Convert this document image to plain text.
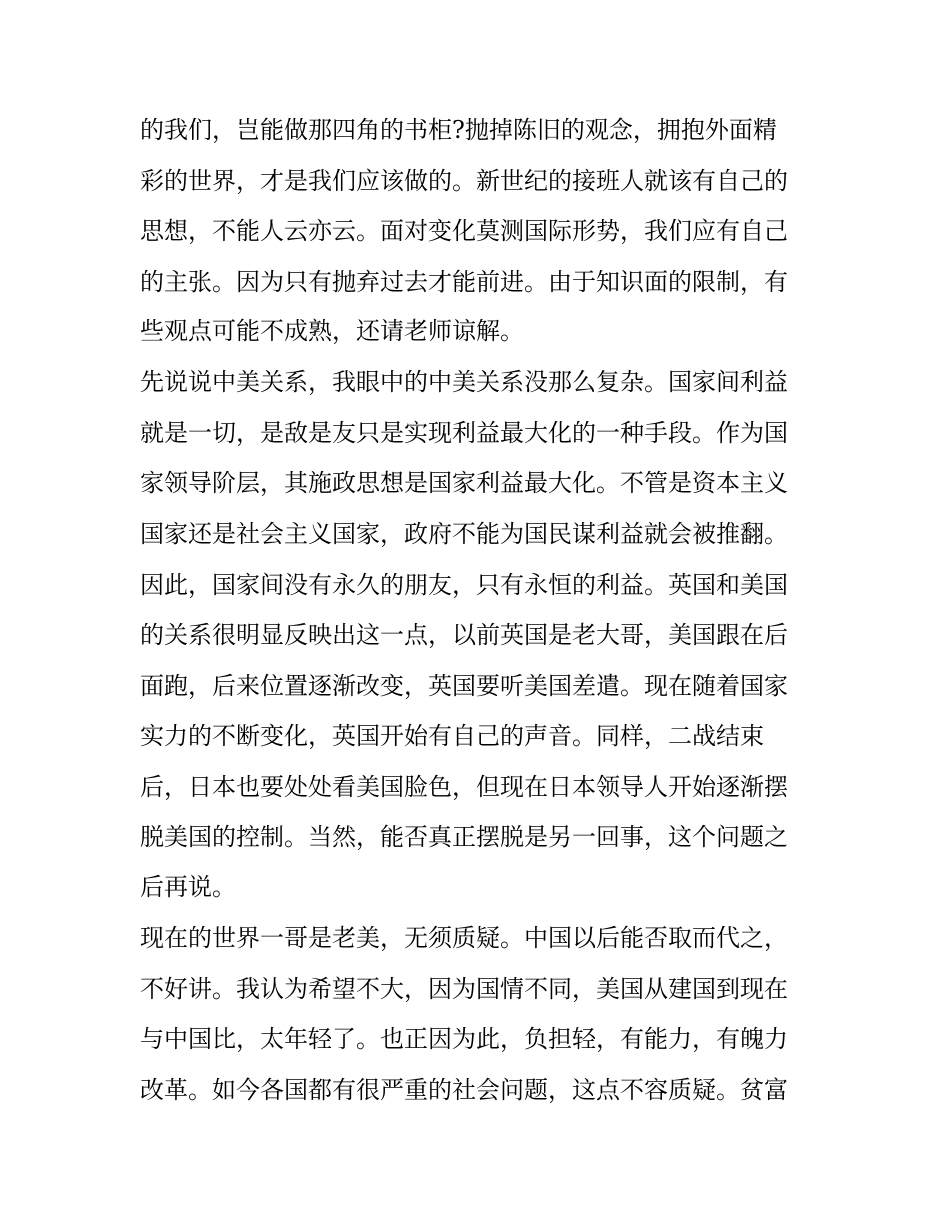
的我们，岂能做那四角的书柜?抛掉陈旧的观念，拥抱外面精
彩的世界，才是我们应该做的。新世纪的接班人就该有自己的
思想，不能人云亦云。面对变化莫测国际形势，我们应有自己
的主张。因为只有抛弃过去才能前进。由于知识面的限制，有
些观点可能不成熟，还请老师谅解。
先说说中美关系，我眼中的中美关系没那么复杂。国家间利益
就是一切，是敌是友只是实现利益最大化的一种手段。作为国
家领导阶层，其施政思想是国家利益最大化。不管是资本主义
国家还是社会主义国家，政府不能为国民谋利益就会被推翻。
因此，国家间没有永久的朋友，只有永恒的利益。英国和美国
的关系很明显反映出这一点，以前英国是老大哥，美国跟在后
面跑，后来位置逐渐改变，英国要听美国差遣。现在随着国家
实力的不断变化，英国开始有自己的声音。同样，二战结束
后，日本也要处处看美国脸色，但现在日本领导人开始逐渐摆
脱美国的控制。当然，能否真正摆脱是另一回事，这个问题之
后再说。
现在的世界一哥是老美，无须质疑。中国以后能否取而代之，
不好讲。我认为希望不大，因为国情不同，美国从建国到现在
与中国比，太年轻了。也正因为此，负担轻，有能力，有魄力
改革。如今各国都有很严重的社会问题，这点不容质疑。贫富
